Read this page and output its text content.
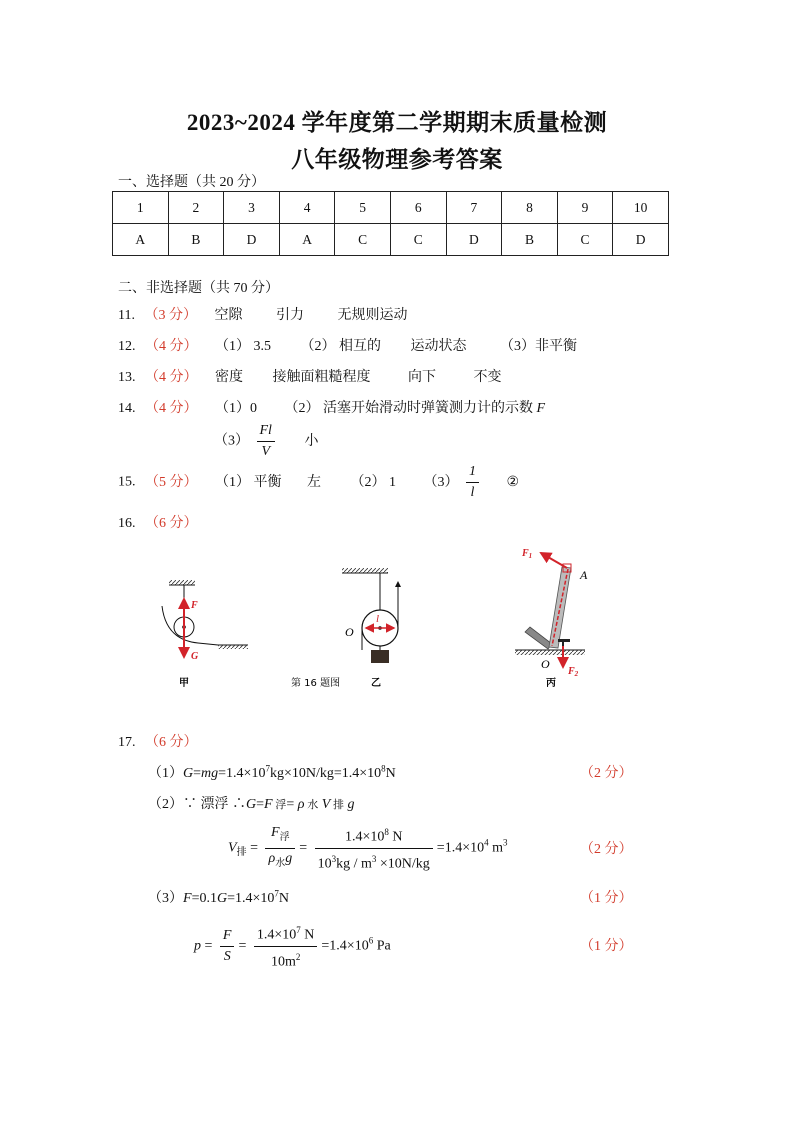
2023~2024 学年度第二学期期末质量检测
八年级物理参考答案
一、选择题（共 20 分）
1	2	3	4	5	6	7	8	9	10
A	B	D	A	C	C	D	B	C	D
二、非选择题（共 70 分）
11. （3 分） 空隙 引力 无规则运动
12. （4 分） （1） 3.5 （2） 相互的 运动状态 （3）非平衡
13. （4 分） 密度 接触面粗糙程度	向下	不变
14. （4 分） （1）0 （2） 活塞开始滑动时弹簧测力计的示数 F
$(3) \frac{Fl}{V}$ 小
15. （5 分） （1） 平衡 左 （2） 1 $(3) \frac{1}{l}$ ②
16. （6 分）
F
G
甲
l
O
第 16 题图	乙
$F_1$
A
O
$F_2$
丙
17. （6 分）
$(1)G=mg=1.4\times 10^7kg\times 10N/kg=1.4\times 10^8N$	（2 分）
（2）∵ 漂浮 ∴G=F 浮= ρ 水 V 排 g
$V_排 = \frac{F_浮}{\rho_水g} = \frac{1.4\times 10^8 N}{10^3kg / m^3 \times 10N/kg} =1.4\times 10^4$ $m^3$	（2 分）
$(3)F=0.1G=1.4\times 10^7N$	（1 分）
$p = \frac{F}{S} = \frac{1.4\times 10^7 N}{10m^2} =1.4\times 10^6$ Pa	（1 分）
